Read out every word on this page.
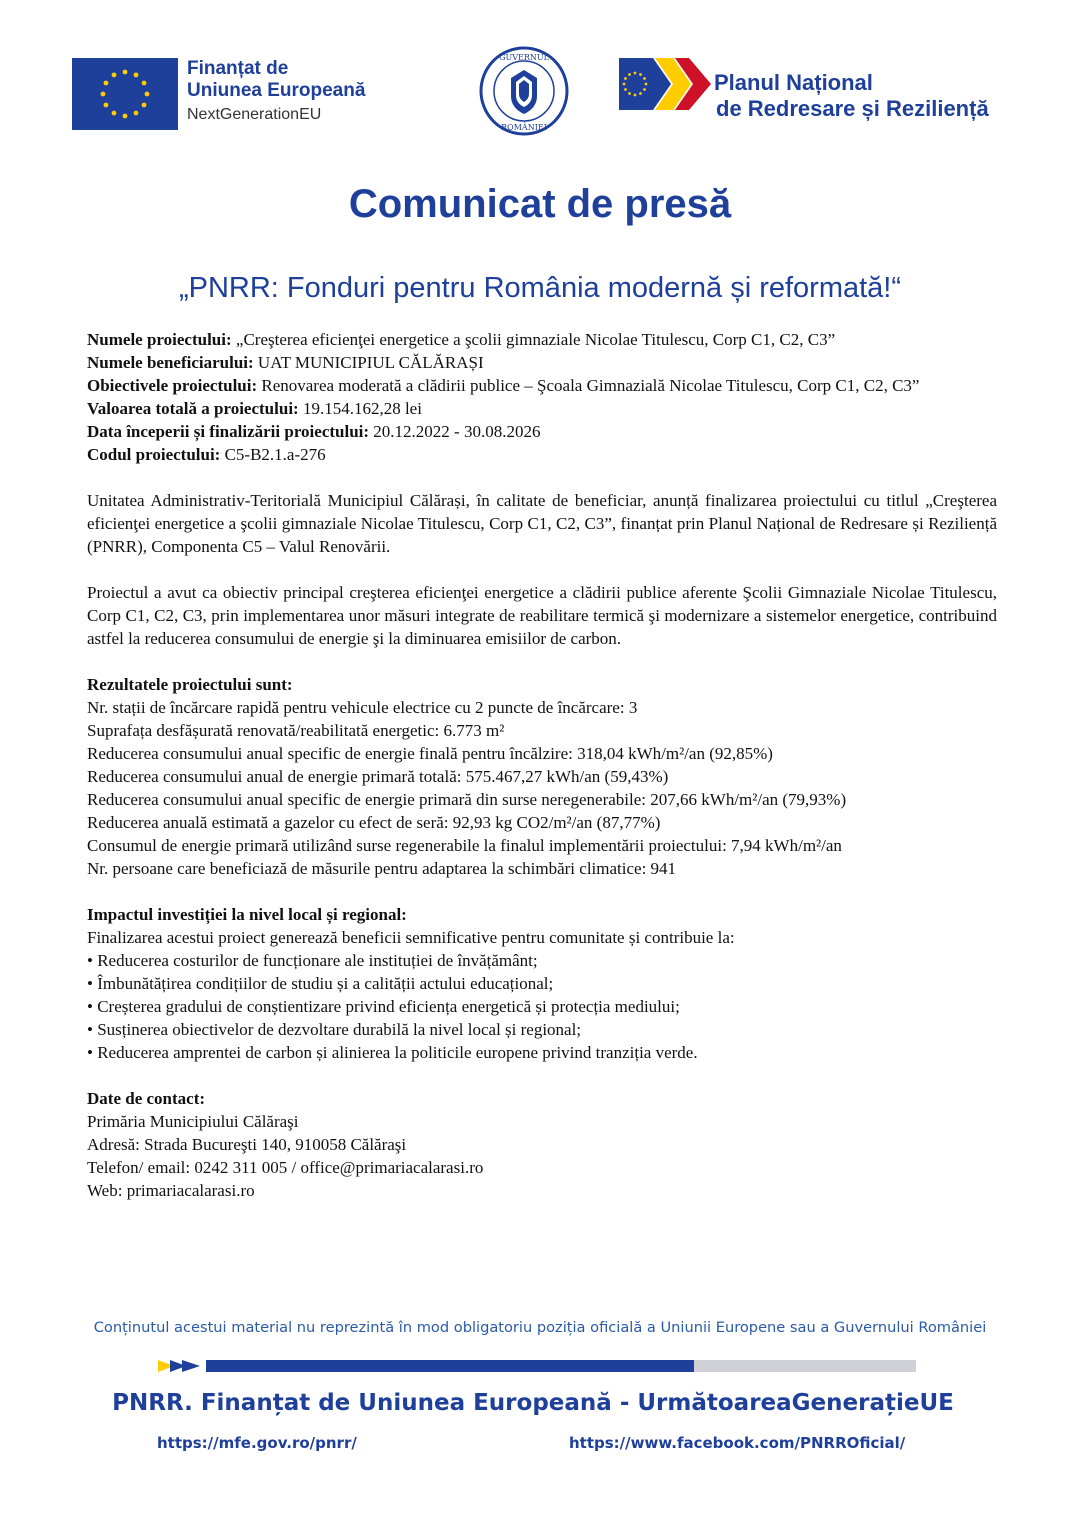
Finanțat de
Uniunea Europeană
NextGenerationEU
GUVERNUL
ROMÂNIEI
Planul Național
de Redresare și Reziliență
Comunicat de presă
„PNRR: Fonduri pentru România modernă și reformată!“

Numele proiectului: „Creşterea eficienţei energetice a şcolii gimnaziale Nicolae Titulescu, Corp C1, C2, C3”

Numele beneficiarului: UAT MUNICIPIUL CĂLĂRAȘI

Obiectivele proiectului: Renovarea moderată a clădirii publice – Şcoala Gimnazială Nicolae Titulescu, Corp C1, C2, C3”

Valoarea totală a proiectului: 19.154.162,28 lei

Data începerii și finalizării proiectului: 20.12.2022 - 30.08.2026

Codul proiectului: C5-B2.1.a-276

Unitatea Administrativ-Teritorială Municipiul Călărași, în calitate de beneficiar, anunță finalizarea proiectului cu titlul „Creşterea eficienţei energetice a şcolii gimnaziale Nicolae Titulescu, Corp C1, C2, C3”, finanțat prin Planul Național de Redresare și Reziliență (PNRR), Componenta C5 – Valul Renovării.

Proiectul a avut ca obiectiv principal creşterea eficienţei energetice a clădirii publice aferente Şcolii Gimnaziale Nicolae Titulescu, Corp C1, C2, C3, prin implementarea unor măsuri integrate de reabilitare termică şi modernizare a sistemelor energetice, contribuind astfel la reducerea consumului de energie şi la diminuarea emisiilor de carbon.

Rezultatele proiectului sunt:

Nr. stații de încărcare rapidă pentru vehicule electrice cu 2 puncte de încărcare: 3

Suprafața desfășurată renovată/reabilitată energetic: 6.773 m²

Reducerea consumului anual specific de energie finală pentru încălzire: 318,04 kWh/m²/an (92,85%)

Reducerea consumului anual de energie primară totală: 575.467,27 kWh/an (59,43%)

Reducerea consumului anual specific de energie primară din surse neregenerabile: 207,66 kWh/m²/an (79,93%)

Reducerea anuală estimată a gazelor cu efect de seră: 92,93 kg CO2/m²/an (87,77%)

Consumul de energie primară utilizând surse regenerabile la finalul implementării proiectului: 7,94 kWh/m²/an

Nr. persoane care beneficiază de măsurile pentru adaptarea la schimbări climatice: 941

Impactul investiției la nivel local și regional:

Finalizarea acestui proiect generează beneficii semnificative pentru comunitate și contribuie la:

• Reducerea costurilor de funcționare ale instituției de învățământ;

• Îmbunătățirea condițiilor de studiu și a calității actului educațional;

• Creșterea gradului de conștientizare privind eficiența energetică și protecția mediului;

• Susținerea obiectivelor de dezvoltare durabilă la nivel local și regional;

• Reducerea amprentei de carbon și alinierea la politicile europene privind tranziția verde.

Date de contact:

Primăria Municipiului Călăraşi

Adresă: Strada Bucureşti 140, 910058 Călăraşi

Telefon/ email: 0242 311 005 / office@primariacalarasi.ro

Web: primariacalarasi.ro

Conținutul acestui material nu reprezintă în mod obligatoriu poziția oficială a Uniunii Europene sau a Guvernului României
PNRR. Finanțat de Uniunea Europeană - UrmătoareaGenerațieUE
https://mfe.gov.ro/pnrr/	https://www.facebook.com/PNRROficial/
